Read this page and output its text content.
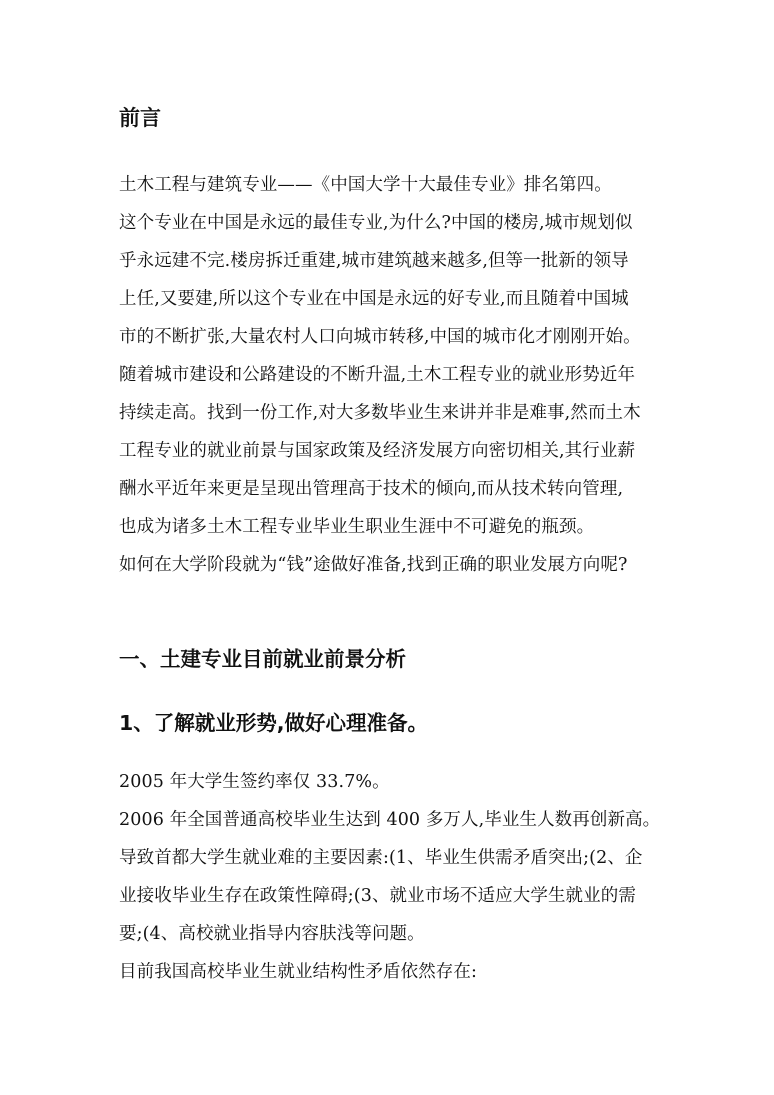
前言

土木工程与建筑专业——《中国大学十大最佳专业》排名第四。

这个专业在中国是永远的最佳专业,为什么?中国的楼房,城市规划似

乎永远建不完.楼房拆迁重建,城市建筑越来越多,但等一批新的领导

上任,又要建,所以这个专业在中国是永远的好专业,而且随着中国城

市的不断扩张,大量农村人口向城市转移,中国的城市化才刚刚开始。

随着城市建设和公路建设的不断升温,土木工程专业的就业形势近年

持续走高。找到一份工作,对大多数毕业生来讲并非是难事,然而土木

工程专业的就业前景与国家政策及经济发展方向密切相关,其行业薪

酬水平近年来更是呈现出管理高于技术的倾向,而从技术转向管理,

也成为诸多土木工程专业毕业生职业生涯中不可避免的瓶颈。

如何在大学阶段就为“钱”途做好准备,找到正确的职业发展方向呢?

一、土建专业目前就业前景分析
1、了解就业形势,做好心理准备。

2005 年大学生签约率仅 33.7%。

2006 年全国普通高校毕业生达到 400 多万人,毕业生人数再创新高。

导致首都大学生就业难的主要因素:(1、毕业生供需矛盾突出;(2、企

业接收毕业生存在政策性障碍;(3、就业市场不适应大学生就业的需

要;(4、高校就业指导内容肤浅等问题。

目前我国高校毕业生就业结构性矛盾依然存在:
